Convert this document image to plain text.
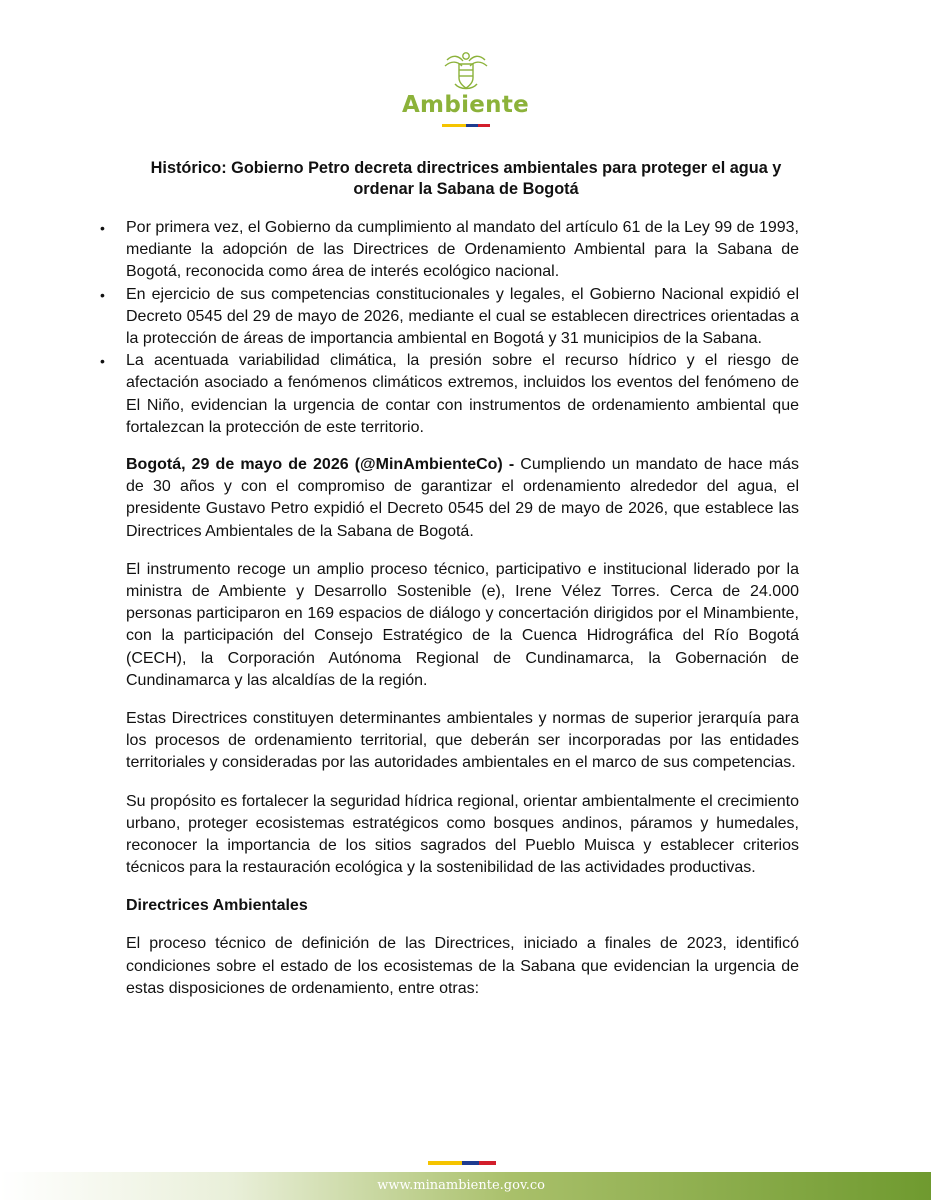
Ambiente
Histórico: Gobierno Petro decreta directrices ambientales para proteger el agua y ordenar la Sabana de Bogotá
• Por primera vez, el Gobierno da cumplimiento al mandato del artículo 61 de la Ley 99 de 1993, mediante la adopción de las Directrices de Ordenamiento Ambiental para la Sabana de Bogotá, reconocida como área de interés ecológico nacional.
• En ejercicio de sus competencias constitucionales y legales, el Gobierno Nacional expidió el Decreto 0545 del 29 de mayo de 2026, mediante el cual se establecen directrices orientadas a la protección de áreas de importancia ambiental en Bogotá y 31 municipios de la Sabana.
• La acentuada variabilidad climática, la presión sobre el recurso hídrico y el riesgo de afectación asociado a fenómenos climáticos extremos, incluidos los eventos del fenómeno de El Niño, evidencian la urgencia de contar con instrumentos de ordenamiento ambiental que fortalezcan la protección de este territorio.

Bogotá, 29 de mayo de 2026 (@MinAmbienteCo) - Cumpliendo un mandato de hace más de 30 años y con el compromiso de garantizar el ordenamiento alrededor del agua, el presidente Gustavo Petro expidió el Decreto 0545 del 29 de mayo de 2026, que establece las Directrices Ambientales de la Sabana de Bogotá.

El instrumento recoge un amplio proceso técnico, participativo e institucional liderado por la ministra de Ambiente y Desarrollo Sostenible (e), Irene Vélez Torres. Cerca de 24.000 personas participaron en 169 espacios de diálogo y concertación dirigidos por el Minambiente, con la participación del Consejo Estratégico de la Cuenca Hidrográfica del Río Bogotá (CECH), la Corporación Autónoma Regional de Cundinamarca, la Gobernación de Cundinamarca y las alcaldías de la región.

Estas Directrices constituyen determinantes ambientales y normas de superior jerarquía para los procesos de ordenamiento territorial, que deberán ser incorporadas por las entidades territoriales y consideradas por las autoridades ambientales en el marco de sus competencias.

Su propósito es fortalecer la seguridad hídrica regional, orientar ambientalmente el crecimiento urbano, proteger ecosistemas estratégicos como bosques andinos, páramos y humedales, reconocer la importancia de los sitios sagrados del Pueblo Muisca y establecer criterios técnicos para la restauración ecológica y la sostenibilidad de las actividades productivas.

Directrices Ambientales

El proceso técnico de definición de las Directrices, iniciado a finales de 2023, identificó condiciones sobre el estado de los ecosistemas de la Sabana que evidencian la urgencia de estas disposiciones de ordenamiento, entre otras:

www.minambiente.gov.co
